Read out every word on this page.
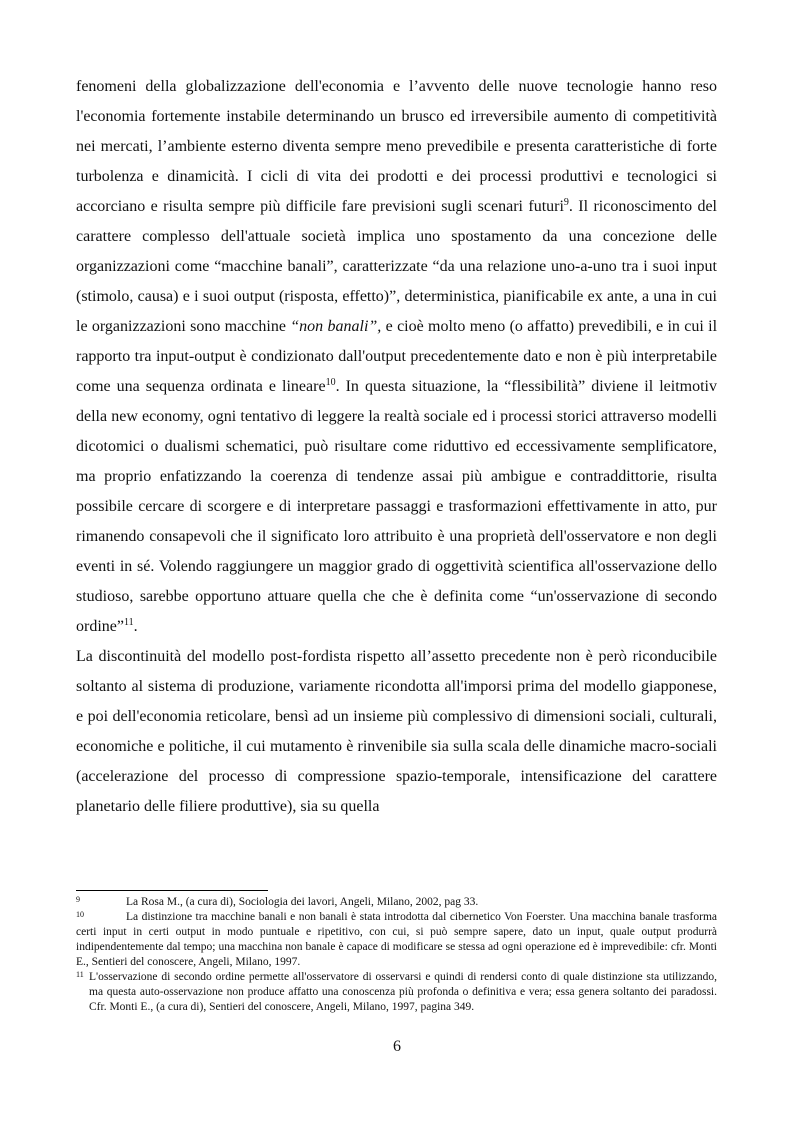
fenomeni della globalizzazione dell'economia e l’avvento delle nuove tecnologie hanno reso l'economia fortemente instabile determinando un brusco ed irreversibile aumento di competitività nei mercati, l’ambiente esterno diventa sempre meno prevedibile e presenta caratteristiche di forte turbolenza e dinamicità. I cicli di vita dei prodotti e dei processi produttivi e tecnologici si accorciano e risulta sempre più difficile fare previsioni sugli scenari futuri$^9$. Il riconoscimento del carattere complesso dell'attuale società implica uno spostamento da una concezione delle organizzazioni come “macchine banali”, caratterizzate “da una relazione uno-a-uno tra i suoi input (stimolo, causa) e i suoi output (risposta, effetto)”, deterministica, pianificabile ex ante, a una in cui le organizzazioni sono macchine “non banali”, e cioè molto meno (o affatto) prevedibili, e in cui il rapporto tra input-output è condizionato dall'output precedentemente dato e non è più interpretabile come una sequenza ordinata e lineare$^{10}$. In questa situazione, la “flessibilità” diviene il leitmotiv della new economy, ogni tentativo di leggere la realtà sociale ed i processi storici attraverso modelli dicotomici o dualismi schematici, può risultare come riduttivo ed eccessivamente semplificatore, ma proprio enfatizzando la coerenza di tendenze assai più ambigue e contraddittorie, risulta possibile cercare di scorgere e di interpretare passaggi e trasformazioni effettivamente in atto, pur rimanendo consapevoli che il significato loro attribuito è una proprietà dell'osservatore e non degli eventi in sé. Volendo raggiungere un maggior grado di oggettività scientifica all'osservazione dello studioso, sarebbe opportuno attuare quella che che è definita come “un'osservazione di secondo ordine”$^{11}$.

La discontinuità del modello post-fordista rispetto all’assetto precedente non è però riconducibile soltanto al sistema di produzione, variamente ricondotta all'imporsi prima del modello giapponese, e poi dell'economia reticolare, bensì ad un insieme più complessivo di dimensioni sociali, culturali, economiche e politiche, il cui mutamento è rinvenibile sia sulla scala delle dinamiche macro-sociali (accelerazione del processo di compressione spazio-temporale, intensificazione del carattere planetario delle filiere produttive), sia su quella

9	La Rosa M., (a cura di), Sociologia dei lavori, Angeli, Milano, 2002, pag 33.
10	La distinzione tra macchine banali e non banali è stata introdotta dal cibernetico Von Foerster. Una macchina banale trasforma certi input in certi output in modo puntuale e ripetitivo, con cui, si può sempre sapere, dato un input, quale output produrrà indipendentemente dal tempo; una macchina non banale è capace di modificare se stessa ad ogni operazione ed è imprevedibile: cfr. Monti E., Sentieri del conoscere, Angeli, Milano, 1997.
11 L'osservazione di secondo ordine permette all'osservatore di osservarsi e quindi di rendersi conto di quale distinzione sta utilizzando, ma questa auto-osservazione non produce affatto una conoscenza più profonda o definitiva e vera; essa genera soltanto dei paradossi. Cfr. Monti E., (a cura di), Sentieri del conoscere, Angeli, Milano, 1997, pagina 349.
6
